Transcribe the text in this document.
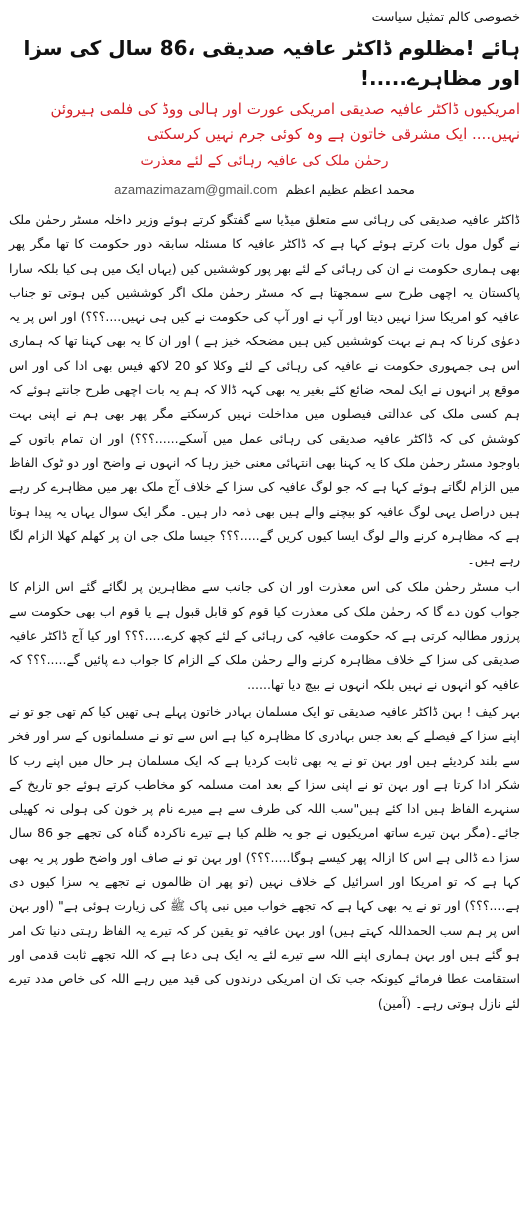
خصوصی کالم تمثیل سیاست
ہائے !مظلوم ڈاکٹر عافیہ صدیقی ،86 سال کی سزا اور مظاہرے.....!
امریکیوں ڈاکٹر عافیہ صدیقی امریکی عورت اور ہالی ووڈ کی فلمی ہیروئن نہیں.... ایک مشرقی خاتون ہے وہ کوئی جرم نہیں کرسکتی
رحمٰن ملک کی عافیہ رہائی کے لئے معذرت
محمد اعظم عظیم اعظم
azamazimazam@gmail.com

ڈاکٹر عافیہ صدیقی کی رہائی سے متعلق میڈیا سے گفتگو کرتے ہوئے وزیر داخلہ مسٹر رحمٰن ملک نے گول مول بات کرتے ہوئے کہا ہے کہ ڈاکٹر عافیہ کا مسئلہ سابقہ دور حکومت کا تھا مگر پھر بھی ہماری حکومت نے ان کی رہائی کے لئے بھر پور کوششیں کیں (یہاں ایک میں ہی کیا بلکہ سارا پاکستان یہ اچھی طرح سے سمجھتا ہے کہ مسٹر رحمٰن ملک اگر کوششیں کیں ہوتی تو جناب عافیہ کو امریکا سزا نہیں دیتا اور آپ نے اور آپ کی حکومت نے کیں ہی نہیں....؟؟؟) اور اس پر یہ دعوٰی کرنا کہ ہم نے بہت کوششیں کیں ہیں مضحکہ خیز ہے ) اور ان کا یہ بھی کہنا تھا کہ ہماری اس ہی جمہوری حکومت نے عافیہ کی رہائی کے لئے وکلا کو 20 لاکھ فیس بھی ادا کی اور اس موقع پر انہوں نے ایک لمحہ ضائع کئے بغیر یہ بھی کہہ ڈالا کہ ہم یہ بات اچھی طرح جانتے ہوئے کہ ہم کسی ملک کی عدالتی فیصلوں میں مداخلت نہیں کرسکتے مگر پھر بھی ہم نے اپنی بہت کوشش کی کہ ڈاکٹر عافیہ صدیقی کی رہائی عمل میں آسکے......؟؟؟) اور ان تمام باتوں کے باوجود مسٹر رحمٰن ملک کا یہ کہنا بھی انتہائی معنی خیز رہا کہ انہوں نے واضح اور دو ٹوک الفاظ میں الزام لگاتے ہوئے کہا ہے کہ جو لوگ عافیہ کی سزا کے خلاف آج ملک بھر میں مظاہرے کر رہے ہیں دراصل یہی لوگ عافیہ کو بیچنے والے ہیں بھی ذمہ دار ہیں۔ مگر ایک سوال یہاں یہ پیدا ہوتا ہے کہ مظاہرہ کرنے والے لوگ ایسا کیوں کریں گے.....؟؟؟ جیسا ملک جی ان پر کھلم کھلا الزام لگا رہے ہیں۔

اب مسٹر رحمٰن ملک کی اس معذرت اور ان کی جانب سے مظاہرین پر لگائے گئے اس الزام کا جواب کون دے گا کہ رحمٰن ملک کی معذرت کیا قوم کو قابل قبول ہے یا قوم اب بھی حکومت سے پرزور مطالبہ کرتی ہے کہ حکومت عافیہ کی رہائی کے لئے کچھ کرے.....؟؟؟ اور کیا آج ڈاکٹر عافیہ صدیقی کی سزا کے خلاف مظاہرہ کرنے والے رحمٰن ملک کے الزام کا جواب دے پائیں گے.....؟؟؟ کہ عافیہ کو انہوں نے نہیں بلکہ انہوں نے بیچ دیا تھا......

بہر کیف ! بہن ڈاکٹر عافیہ صدیقی تو ایک مسلمان بہادر خاتون پہلے ہی تھیں کیا کم تھی جو تو نے اپنے سزا کے فیصلے کے بعد جس بہادری کا مظاہرہ کیا ہے اس سے تو نے مسلمانوں کے سر اور فخر سے بلند کردیئے ہیں اور بہن تو نے یہ بھی ثابت کردیا ہے کہ ایک مسلمان ہر حال میں اپنے رب کا شکر ادا کرتا ہے اور بہن تو نے اپنی سزا کے بعد امت مسلمہ کو مخاطب کرتے ہوئے جو تاریخ کے سنہرے الفاظ ہیں ادا کئے ہیں"سب اللہ کی طرف سے ہے میرے نام پر خون کی ہولی نہ کھیلی جائے۔(مگر بہن تیرے ساتھ امریکیوں نے جو یہ ظلم کیا ہے تیرے ناکردہ گناہ کی تجھے جو 86 سال سزا دے ڈالی ہے اس کا ازالہ پھر کیسے ہوگا.....؟؟؟) اور بہن تو نے صاف اور واضح طور پر یہ بھی کہا ہے کہ تو امریکا اور اسرائیل کے خلاف نہیں (تو پھر ان ظالموں نے تجھے یہ سزا کیوں دی ہے....؟؟؟) اور تو نے یہ بھی کہا ہے کہ تجھے خواب میں نبی پاک ﷺ کی زیارت ہوئی ہے" (اور بہن اس پر ہم سب الحمداللہ کہتے ہیں) اور بہن عافیہ تو یقین کر کہ تیرے یہ الفاظ رہتی دنیا تک امر ہو گئے ہیں اور بہن ہماری اپنے اللہ سے تیرے لئے یہ ایک ہی دعا ہے کہ اللہ تجھے ثابت قدمی اور استقامت عطا فرمائے کیونکہ جب تک ان امریکی درندوں کی قید میں رہے اللہ کی خاص مدد تیرے لئے نازل ہوتی رہے۔ (آمین)
